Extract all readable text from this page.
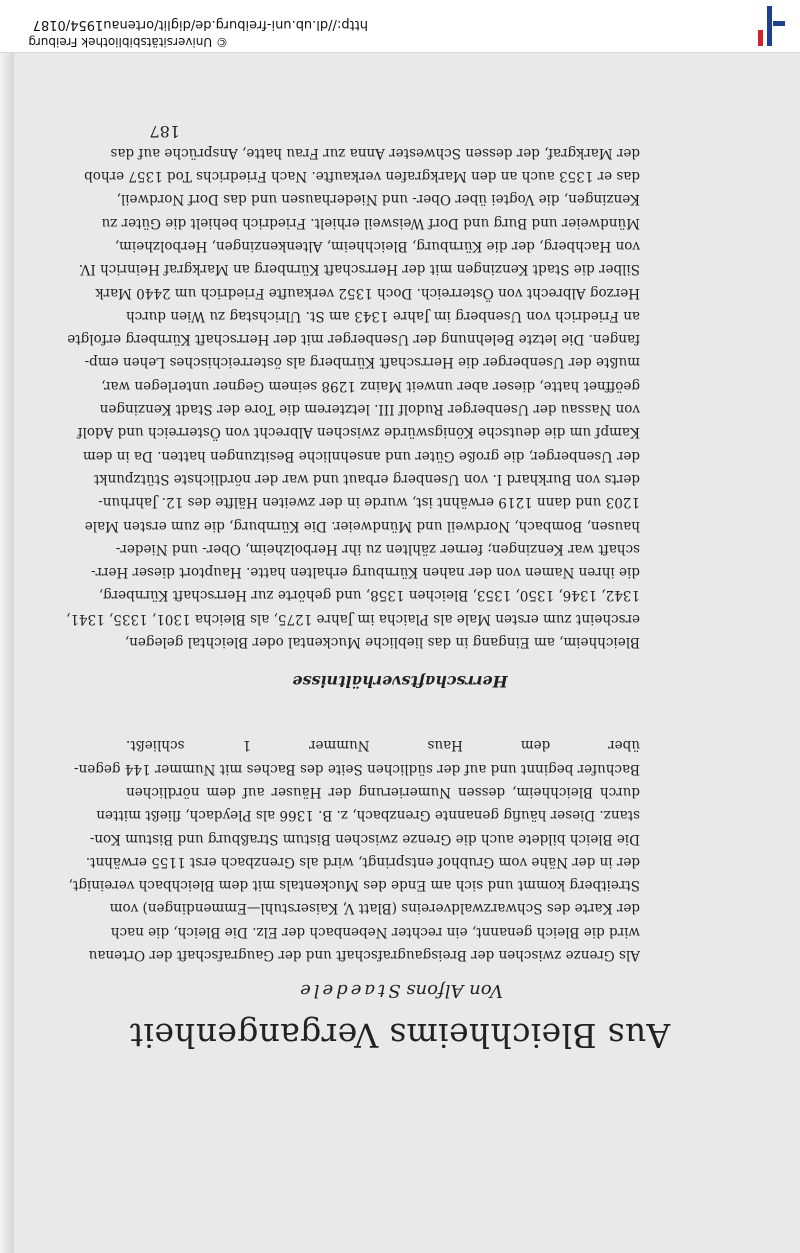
Aus Bleichheims Vergangenheit
Von Alfons Staedele
Als Grenze zwischen der Breisgaugrafschaft und der Gaugrafschaft der Ortenau
wird die Bleich genannt, ein rechter Nebenbach der Elz. Die Bleich, die nach
der Karte des Schwarzwaldvereins (Blatt V, Kaiserstuhl—Emmendingen) vom
Streitberg kommt und sich am Ende des Muckentals mit dem Bleichbach vereinigt,
der in der Nähe vom Grubhof entspringt, wird als Grenzbach erst 1155 erwähnt.
Die Bleich bildete auch die Grenze zwischen Bistum Straßburg und Bistum Kon-
stanz. Dieser häufig genannte Grenzbach, z. B. 1366 als Pleydach, fließt mitten
durch Bleichheim, dessen Numerierung der Häuser auf dem nördlichen
Bachufer beginnt und auf der südlichen Seite des Baches mit Nummer 144 gegen-
über dem Haus Nummer 1 schließt.
Herrschaftsverhältnisse
Bleichheim, am Eingang in das liebliche Muckental oder Bleichtal gelegen,
erscheint zum ersten Male als Plaicha im Jahre 1275, als Bleicha 1301, 1335, 1341,
1342, 1346, 1350, 1353, Bleichen 1358, und gehörte zur Herrschaft Kürnberg,
die ihren Namen von der nahen Kürnburg erhalten hatte. Hauptort dieser Herr-
schaft war Kenzingen; ferner zählten zu ihr Herbolzheim, Ober- und Nieder-
hausen, Bombach, Nordweil und Mündweier. Die Kürnburg, die zum ersten Male
1203 und dann 1219 erwähnt ist, wurde in der zweiten Hälfte des 12. Jahrhun-
derts von Burkhard I. von Usenberg erbaut und war der nördlichste Stützpunkt
der Usenberger, die große Güter und ansehnliche Besitzungen hatten. Da in dem
Kampf um die deutsche Königswürde zwischen Albrecht von Österreich und Adolf
von Nassau der Usenberger Rudolf III. letzterem die Tore der Stadt Kenzingen
geöffnet hatte, dieser aber unweit Mainz 1298 seinem Gegner unterlegen war,
mußte der Usenberger die Herrschaft Kürnberg als österreichisches Lehen emp-
fangen. Die letzte Belehnung der Usenberger mit der Herrschaft Kürnberg erfolgte
an Friedrich von Usenberg im Jahre 1343 am St. Ulrichstag zu Wien durch
Herzog Albrecht von Österreich. Doch 1352 verkaufte Friedrich um 2440 Mark
Silber die Stadt Kenzingen mit der Herrschaft Kürnberg an Markgraf Heinrich IV.
von Hachberg, der die Kürnburg, Bleichheim, Altenkenzingen, Herbolzheim,
Mündweier und Burg und Dorf Weisweil erhielt. Friedrich behielt die Güter zu
Kenzingen, die Vogtei über Ober- und Niederhausen und das Dorf Nordweil,
das er 1353 auch an den Markgrafen verkaufte. Nach Friedrichs Tod 1357 erhob
der Markgraf, der dessen Schwester Anna zur Frau hatte, Ansprüche auf das
187
http://dl.ub.uni-freiburg.de/diglit/ortenau1954/0187
© Universitätsbibliothek Freiburg
